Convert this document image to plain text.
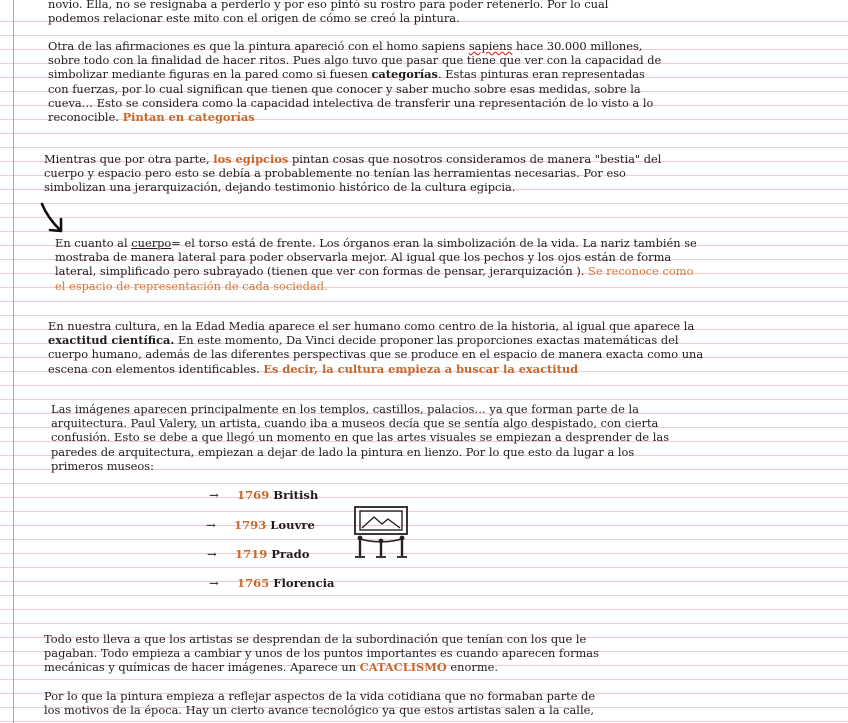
novio. Ella, no se resignaba a perderlo y por eso pintó su rostro para poder retenerlo. Por lo cual
podemos relacionar este mito con el origen de cómo se creó la pintura.

Otra de las afirmaciones es que la pintura apareció con el homo sapiens sapiens hace 30.000 millones,
sobre todo con la finalidad de hacer ritos. Pues algo tuvo que pasar que tiene que ver con la capacidad de
simbolizar mediante figuras en la pared como si fuesen categorías. Estas pinturas eran representadas
con fuerzas, por lo cual significan que tienen que conocer y saber mucho sobre esas medidas, sobre la
cueva… Esto se considera como la capacidad intelectiva de transferir una representación de lo visto a lo
reconocible. Pintan en categorías

Mientras que por otra parte, los egipcios pintan cosas que nosotros consideramos de manera "bestia" del
cuerpo y espacio pero esto se debía a probablemente no tenían las herramientas necesarias. Por eso
simbolizan una jerarquización, dejando testimonio histórico de la cultura egipcia.

En cuanto al cuerpo= el torso está de frente. Los órganos eran la simbolización de la vida. La nariz también se
mostraba de manera lateral para poder observarla mejor. Al igual que los pechos y los ojos están de forma
lateral, simplificado pero subrayado (tienen que ver con formas de pensar, jerarquización ). Se reconoce como
el espacio de representación de cada sociedad.

En nuestra cultura, en la Edad Media aparece el ser humano como centro de la historia, al igual que aparece la
exactitud científica. En este momento, Da Vinci decide proponer las proporciones exactas matemáticas del
cuerpo humano, además de las diferentes perspectivas que se produce en el espacio de manera exacta como una
escena con elementos identificables. Es decir, la cultura empieza a buscar la exactitud

Las imágenes aparecen principalmente en los templos, castillos, palacios… ya que forman parte de la
arquitectura. Paul Valery, un artista, cuando iba a museos decía que se sentía algo despistado, con cierta
confusión. Esto se debe a que llegó un momento en que las artes visuales se empiezan a desprender de las
paredes de arquitectura, empiezan a dejar de lado la pintura en lienzo. Por lo que esto da lugar a los
primeros museos:

→ 1769 British
→ 1793 Louvre
→ 1719 Prado
→ 1765 Florencia

Todo esto lleva a que los artistas se desprendan de la subordinación que tenían con los que le
pagaban. Todo empieza a cambiar y unos de los puntos importantes es cuando aparecen formas
mecánicas y químicas de hacer imágenes. Aparece un CATACLISMO enorme.

Por lo que la pintura empieza a reflejar aspectos de la vida cotidiana que no formaban parte de
los motivos de la época. Hay un cierto avance tecnológico ya que estos artistas salen a la calle,
